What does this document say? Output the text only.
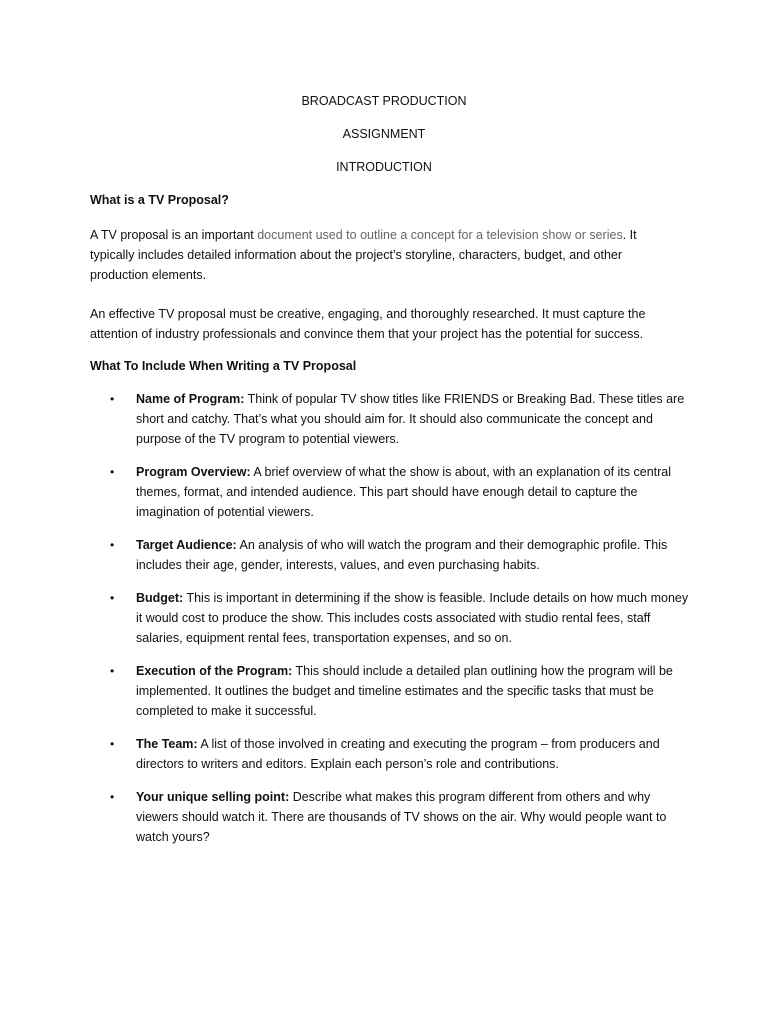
BROADCAST PRODUCTION
ASSIGNMENT
INTRODUCTION
What is a TV Proposal?
A TV proposal is an important document used to outline a concept for a television show or series. It typically includes detailed information about the project’s storyline, characters, budget, and other production elements.
An effective TV proposal must be creative, engaging, and thoroughly researched. It must capture the attention of industry professionals and convince them that your project has the potential for success.
What To Include When Writing a TV Proposal
• Name of Program: Think of popular TV show titles like FRIENDS or Breaking Bad. These titles are short and catchy. That’s what you should aim for. It should also communicate the concept and purpose of the TV program to potential viewers.
• Program Overview: A brief overview of what the show is about, with an explanation of its central themes, format, and intended audience. This part should have enough detail to capture the imagination of potential viewers.
• Target Audience: An analysis of who will watch the program and their demographic profile. This includes their age, gender, interests, values, and even purchasing habits.
• Budget: This is important in determining if the show is feasible. Include details on how much money it would cost to produce the show. This includes costs associated with studio rental fees, staff salaries, equipment rental fees, transportation expenses, and so on.
• Execution of the Program: This should include a detailed plan outlining how the program will be implemented. It outlines the budget and timeline estimates and the specific tasks that must be completed to make it successful.
• The Team: A list of those involved in creating and executing the program – from producers and directors to writers and editors. Explain each person’s role and contributions.
• Your unique selling point: Describe what makes this program different from others and why viewers should watch it. There are thousands of TV shows on the air. Why would people want to watch yours?
